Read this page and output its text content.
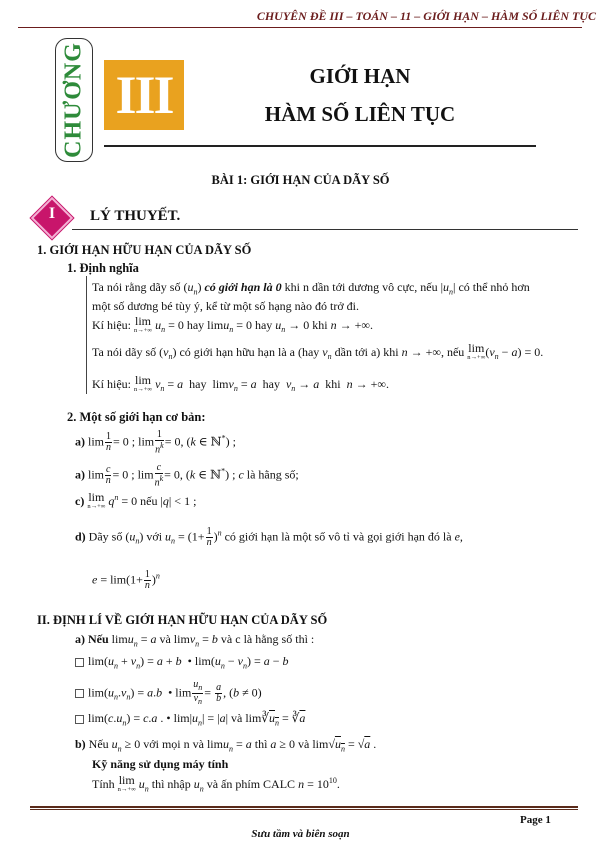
CHUYÊN ĐỀ III – TOÁN – 11 – GIỚI HẠN – HÀM SỐ LIÊN TỤC
CHƯƠNG III	GIỚI HẠN
HÀM SỐ LIÊN TỤC
BÀI 1: GIỚI HẠN CỦA DÃY SỐ
I	LÝ THUYẾT.
1. GIỚI HẠN HỮU HẠN CỦA DÃY SỐ
1. Định nghĩa
Ta nói rằng dãy số $(u_n)$ có giới hạn là 0 khi n dần tới dương vô cực, nếu $|u_n|$ có thể nhỏ hơn
một số dương bé tùy ý, kể từ một số hạng nào đó trở đi.
Kí hiệu: lim
n→+∞ $u_n = 0$ hay limu$_n$ = 0 hay $u_n \to 0$ khi n → +∞.
Ta nói dãy số $(v_n)$ có giới hạn hữu hạn là a (hay $v_n$ dần tới a) khi n → +∞, nếu lim
n→+∞ $(v_n - a) = 0$.
Kí hiệu: lim
n→+∞ $v_n = a$ hay  limv$_n$ = a hay $v_n \to a$ khi n → +∞.
2. Một số giới hạn cơ bản:
a) $\lim \frac{1}{n} = 0$ ; $\lim \frac{1}{n^k} = 0$, (k ∈ ℕ*) ;
a) $\lim \frac{c}{n} = 0$ ; $\lim \frac{c}{n^k} = 0$, (k ∈ ℕ*) ; c là hằng số;
c) lim
n→+∞ $q^n = 0$ nếu |q| < 1 ;
d) Dãy số $(u_n)$ với $u_n = (1+ \frac{1}{n} )^n$ có giới hạn là một số vô tỉ và gọi giới hạn đó là e,
$e = \lim(1+ \frac{1}{n} )^n$
II. ĐỊNH LÍ VỀ GIỚI HẠN HỮU HẠN CỦA DÃY SỐ
a) Nếu limu$_n$ = a và limv$_n$ = b và c là hằng số thì :
$\lim(u_n + v_n) = a + b$  • $\lim(u_n - v_n) = a - b$
$\lim(u_n.v_n) = a.b$  • $\lim \frac{u_n}{v_n} = \frac{a}{b}$ , (b ≠ 0)
$\lim(c.u_n) = c.a$ . • $\lim|u_n| = |a|$ và $\lim∛u_n$ = $∛\overline{a}$
b) Nếu $u_n \ge 0$ với mọi n và limu$_n$ = a thì a ≥ 0 và $\lim√u_n = √a$ .
Kỹ năng sử dụng máy tính
Tính lim
n→+∞ $u_n$ thì nhập $u_n$ và ấn phím CALC $n = 10^{10}$.
Page 1
Sưu tầm và biên soạn
